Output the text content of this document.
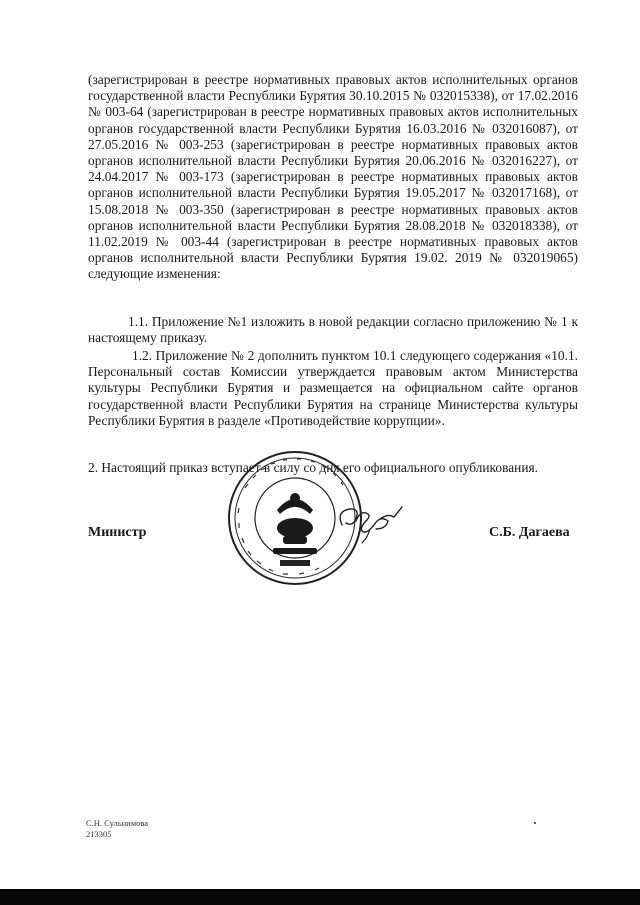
(зарегистрирован в реестре нормативных правовых актов исполнительных органов государственной власти Республики Бурятия 30.10.2015 № 032015338), от 17.02.2016 № 003-64 (зарегистрирован в реестре нормативных правовых актов исполнительных органов государственной власти Республики Бурятия 16.03.2016 № 032016087), от 27.05.2016 № 003-253 (зарегистрирован в реестре нормативных правовых актов органов исполнительной власти Республики Бурятия 20.06.2016 № 032016227), от 24.04.2017 № 003-173 (зарегистрирован в реестре нормативных правовых актов органов исполнительной власти Республики Бурятия 19.05.2017 № 032017168), от 15.08.2018 № 003-350 (зарегистрирован в реестре нормативных правовых актов органов исполнительной власти Республики Бурятия 28.08.2018 № 032018338), от 11.02.2019 № 003-44 (зарегистрирован в реестре нормативных правовых актов органов исполнительной власти Республики Бурятия 19.02. 2019 № 032019065) следующие изменения:

1.1. Приложение №1 изложить в новой редакции согласно приложению № 1 к настоящему приказу.

1.2. Приложение № 2 дополнить пунктом 10.1 следующего содержания «10.1. Персональный состав Комиссии утверждается правовым актом Министерства культуры Республики Бурятия и размещается на официальном сайте органов государственной власти Республики Бурятия на странице Министерства культуры Республики Бурятия в разделе «Противодействие коррупции».

2. Настоящий приказ вступает в силу со дня его официального опубликования.

Министр	С.Б. Дагаева
С.Н. Сульнимова
213305
